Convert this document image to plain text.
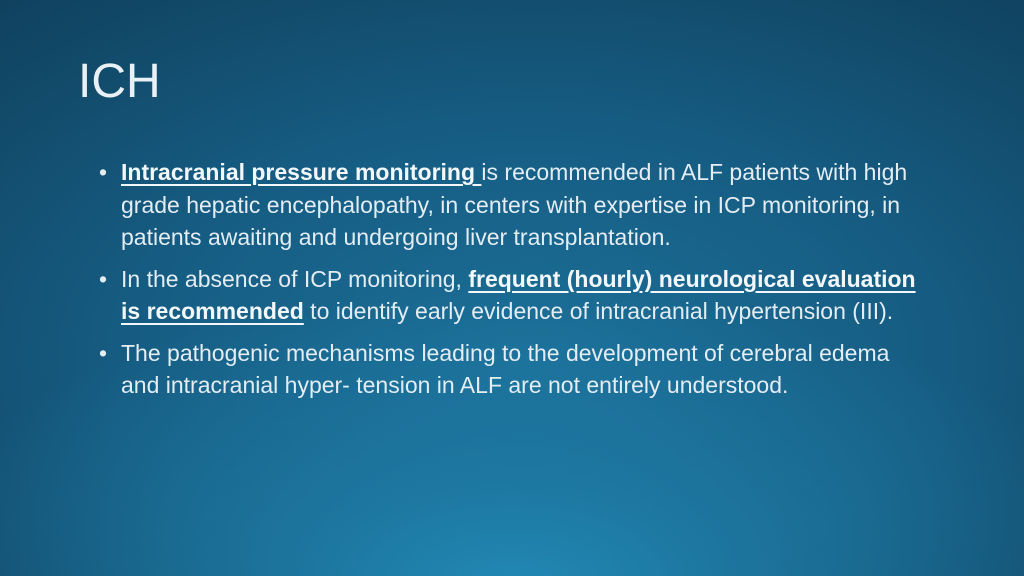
ICH
• Intracranial pressure monitoring is recommended in ALF patients with high grade hepatic encephalopathy, in centers with expertise in ICP monitoring, in patients awaiting and undergoing liver transplantation.
• In the absence of ICP monitoring, frequent (hourly) neurological evaluation is recommended to identify early evidence of intracranial hypertension (III).
• The pathogenic mechanisms leading to the development of cerebral edema and intracranial hyper- tension in ALF are not entirely understood.
